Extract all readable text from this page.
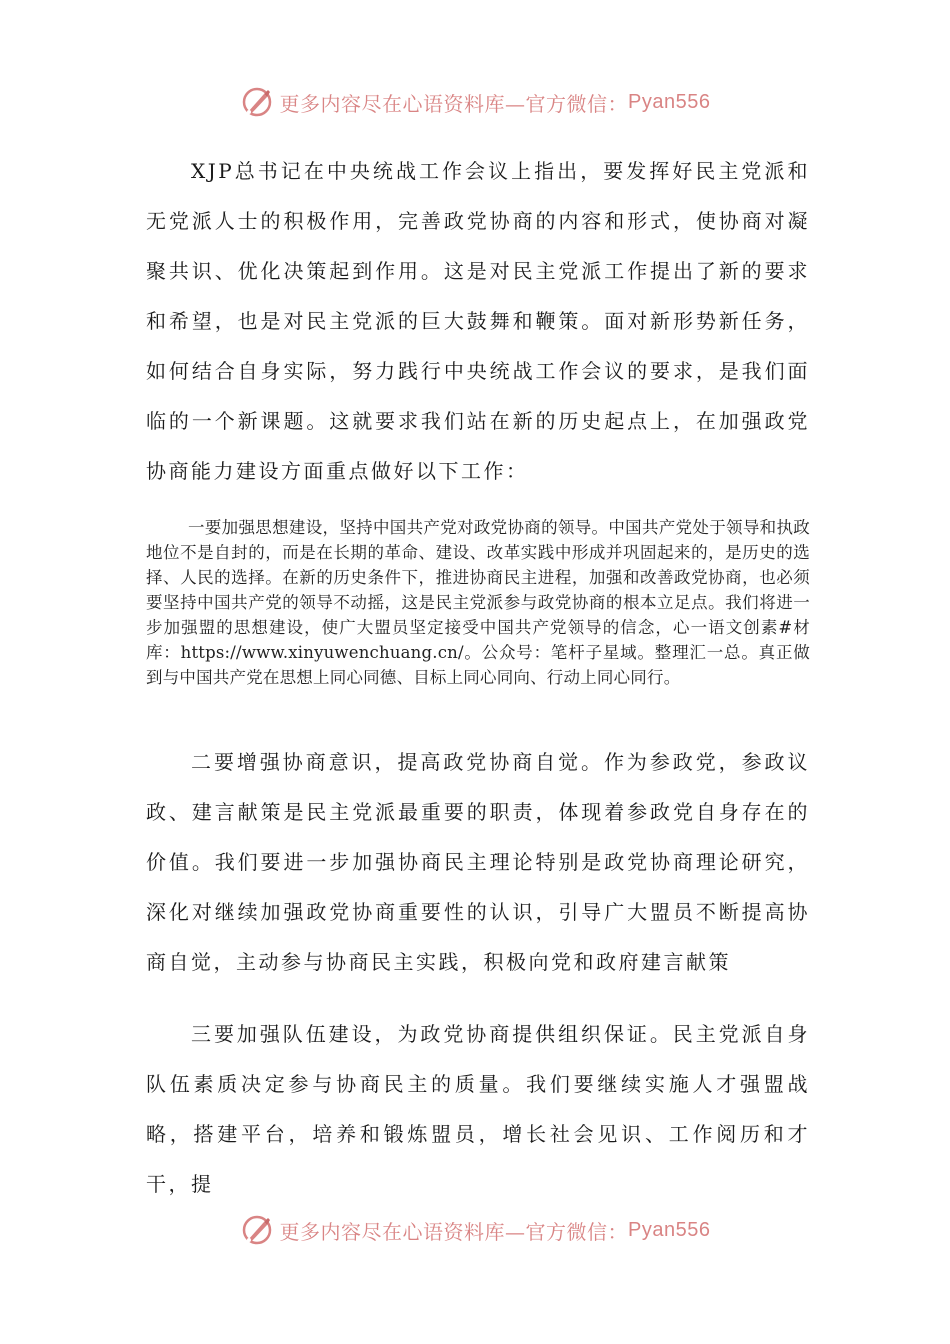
更多内容尽在心语资料库—官方微信： Pyan556

XJP总书记在中央统战工作会议上指出，要发挥好民主党派和无党派人士的积极作用，完善政党协商的内容和形式，使协商对凝聚共识、优化决策起到作用。这是对民主党派工作提出了新的要求和希望，也是对民主党派的巨大鼓舞和鞭策。面对新形势新任务，如何结合自身实际，努力践行中央统战工作会议的要求，是我们面临的一个新课题。这就要求我们站在新的历史起点上，在加强政党协商能力建设方面重点做好以下工作：

一要加强思想建设，坚持中国共产党对政党协商的领导。中国共产党处于领导和执政地位不是自封的，而是在长期的革命、建设、改革实践中形成并巩固起来的，是历史的选择、人民的选择。在新的历史条件下，推进协商民主进程，加强和改善政党协商，也必须要坚持中国共产党的领导不动摇，这是民主党派参与政党协商的根本立足点。我们将进一步加强盟的思想建设，使广大盟员坚定接受中国共产党领导的信念，心一语文创素#材库：https://www.xinyuwenchuang.cn/。公众号：笔杆子星域。整理汇一总。真正做到与中国共产党在思想上同心同德、目标上同心同向、行动上同心同行。

二要增强协商意识，提高政党协商自觉。作为参政党，参政议政、建言献策是民主党派最重要的职责，体现着参政党自身存在的价值。我们要进一步加强协商民主理论特别是政党协商理论研究，深化对继续加强政党协商重要性的认识，引导广大盟员不断提高协商自觉，主动参与协商民主实践，积极向党和政府建言献策

三要加强队伍建设，为政党协商提供组织保证。民主党派自身队伍素质决定参与协商民主的质量。我们要继续实施人才强盟战略，搭建平台，培养和锻炼盟员，增长社会见识、工作阅历和才干，提

更多内容尽在心语资料库—官方微信： Pyan556
